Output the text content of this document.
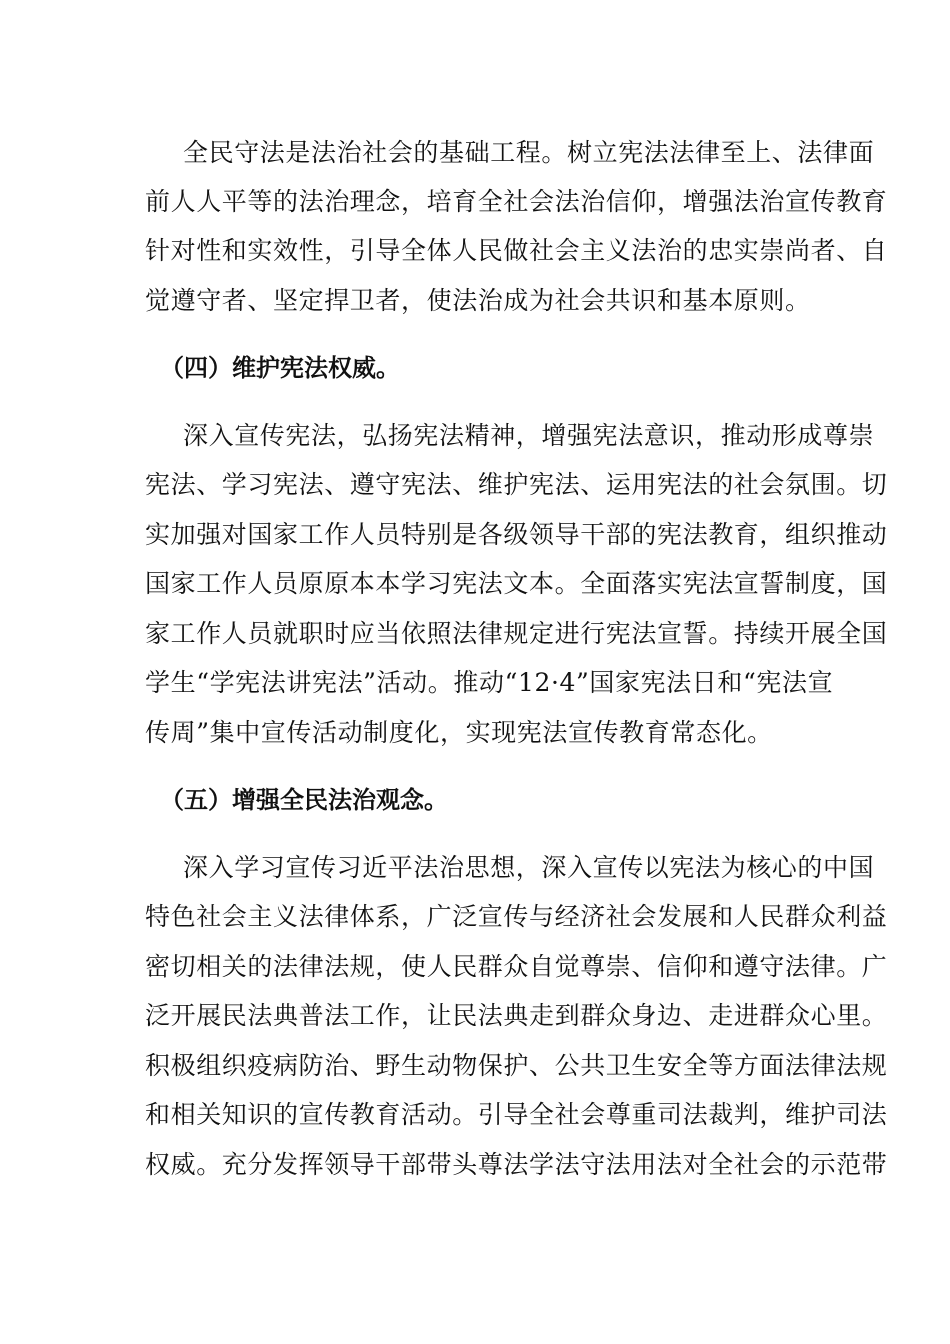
全民守法是法治社会的基础工程。树立宪法法律至上、法律面
前人人平等的法治理念，培育全社会法治信仰，增强法治宣传教育
针对性和实效性，引导全体人民做社会主义法治的忠实崇尚者、自
觉遵守者、坚定捍卫者，使法治成为社会共识和基本原则。
（四）维护宪法权威。
深入宣传宪法，弘扬宪法精神，增强宪法意识，推动形成尊崇
宪法、学习宪法、遵守宪法、维护宪法、运用宪法的社会氛围。切
实加强对国家工作人员特别是各级领导干部的宪法教育，组织推动
国家工作人员原原本本学习宪法文本。全面落实宪法宣誓制度，国
家工作人员就职时应当依照法律规定进行宪法宣誓。持续开展全国
学生“学宪法讲宪法”活动。推动“12·4”国家宪法日和“宪法宣
传周”集中宣传活动制度化，实现宪法宣传教育常态化。
（五）增强全民法治观念。
深入学习宣传习近平法治思想，深入宣传以宪法为核心的中国
特色社会主义法律体系，广泛宣传与经济社会发展和人民群众利益
密切相关的法律法规，使人民群众自觉尊崇、信仰和遵守法律。广
泛开展民法典普法工作，让民法典走到群众身边、走进群众心里。
积极组织疫病防治、野生动物保护、公共卫生安全等方面法律法规
和相关知识的宣传教育活动。引导全社会尊重司法裁判，维护司法
权威。充分发挥领导干部带头尊法学法守法用法对全社会的示范带
